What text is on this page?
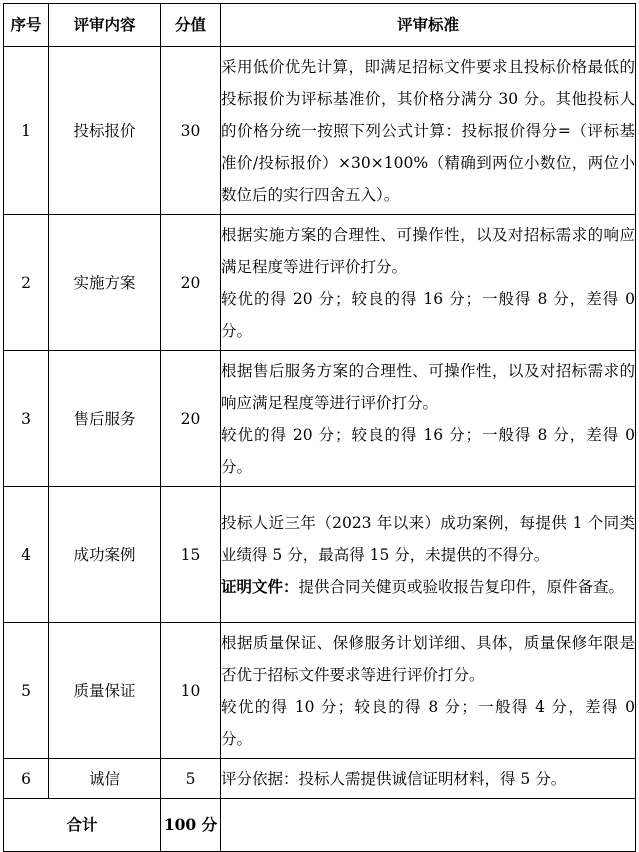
序号	评审内容	分值	评审标准
1	投标报价	30	采用低价优先计算，即满足招标文件要求且投标价格最低的投标报价为评标基准价，其价格分满分 30 分。其他投标人的价格分统一按照下列公式计算：投标报价得分=（评标基准价/投标报价）×30×100%（精确到两位小数位，两位小数位后的实行四舍五入）。

2	实施方案	20	根据实施方案的合理性、可操作性，以及对招标需求的响应满足程度等进行评价打分。

较优的得 20 分；较良的得 16 分；一般得 8 分，差得 0 分。

3	售后服务	20	根据售后服务方案的合理性、可操作性，以及对招标需求的响应满足程度等进行评价打分。

较优的得 20 分；较良的得 16 分；一般得 8 分，差得 0 分。

4	成功案例	15	投标人近三年（2023 年以来）成功案例，每提供 1 个同类业绩得 5 分，最高得 15 分，未提供的不得分。

证明文件：提供合同关健页或验收报告复印件，原件备查。

5	质量保证	10	根据质量保证、保修服务计划详细、具体，质量保修年限是否优于招标文件要求等进行评价打分。

较优的得 10 分；较良的得 8 分；一般得 4 分，差得 0 分。

6	诚信	5	评分依据：投标人需提供诚信证明材料，得 5 分。

合计		100 分	
